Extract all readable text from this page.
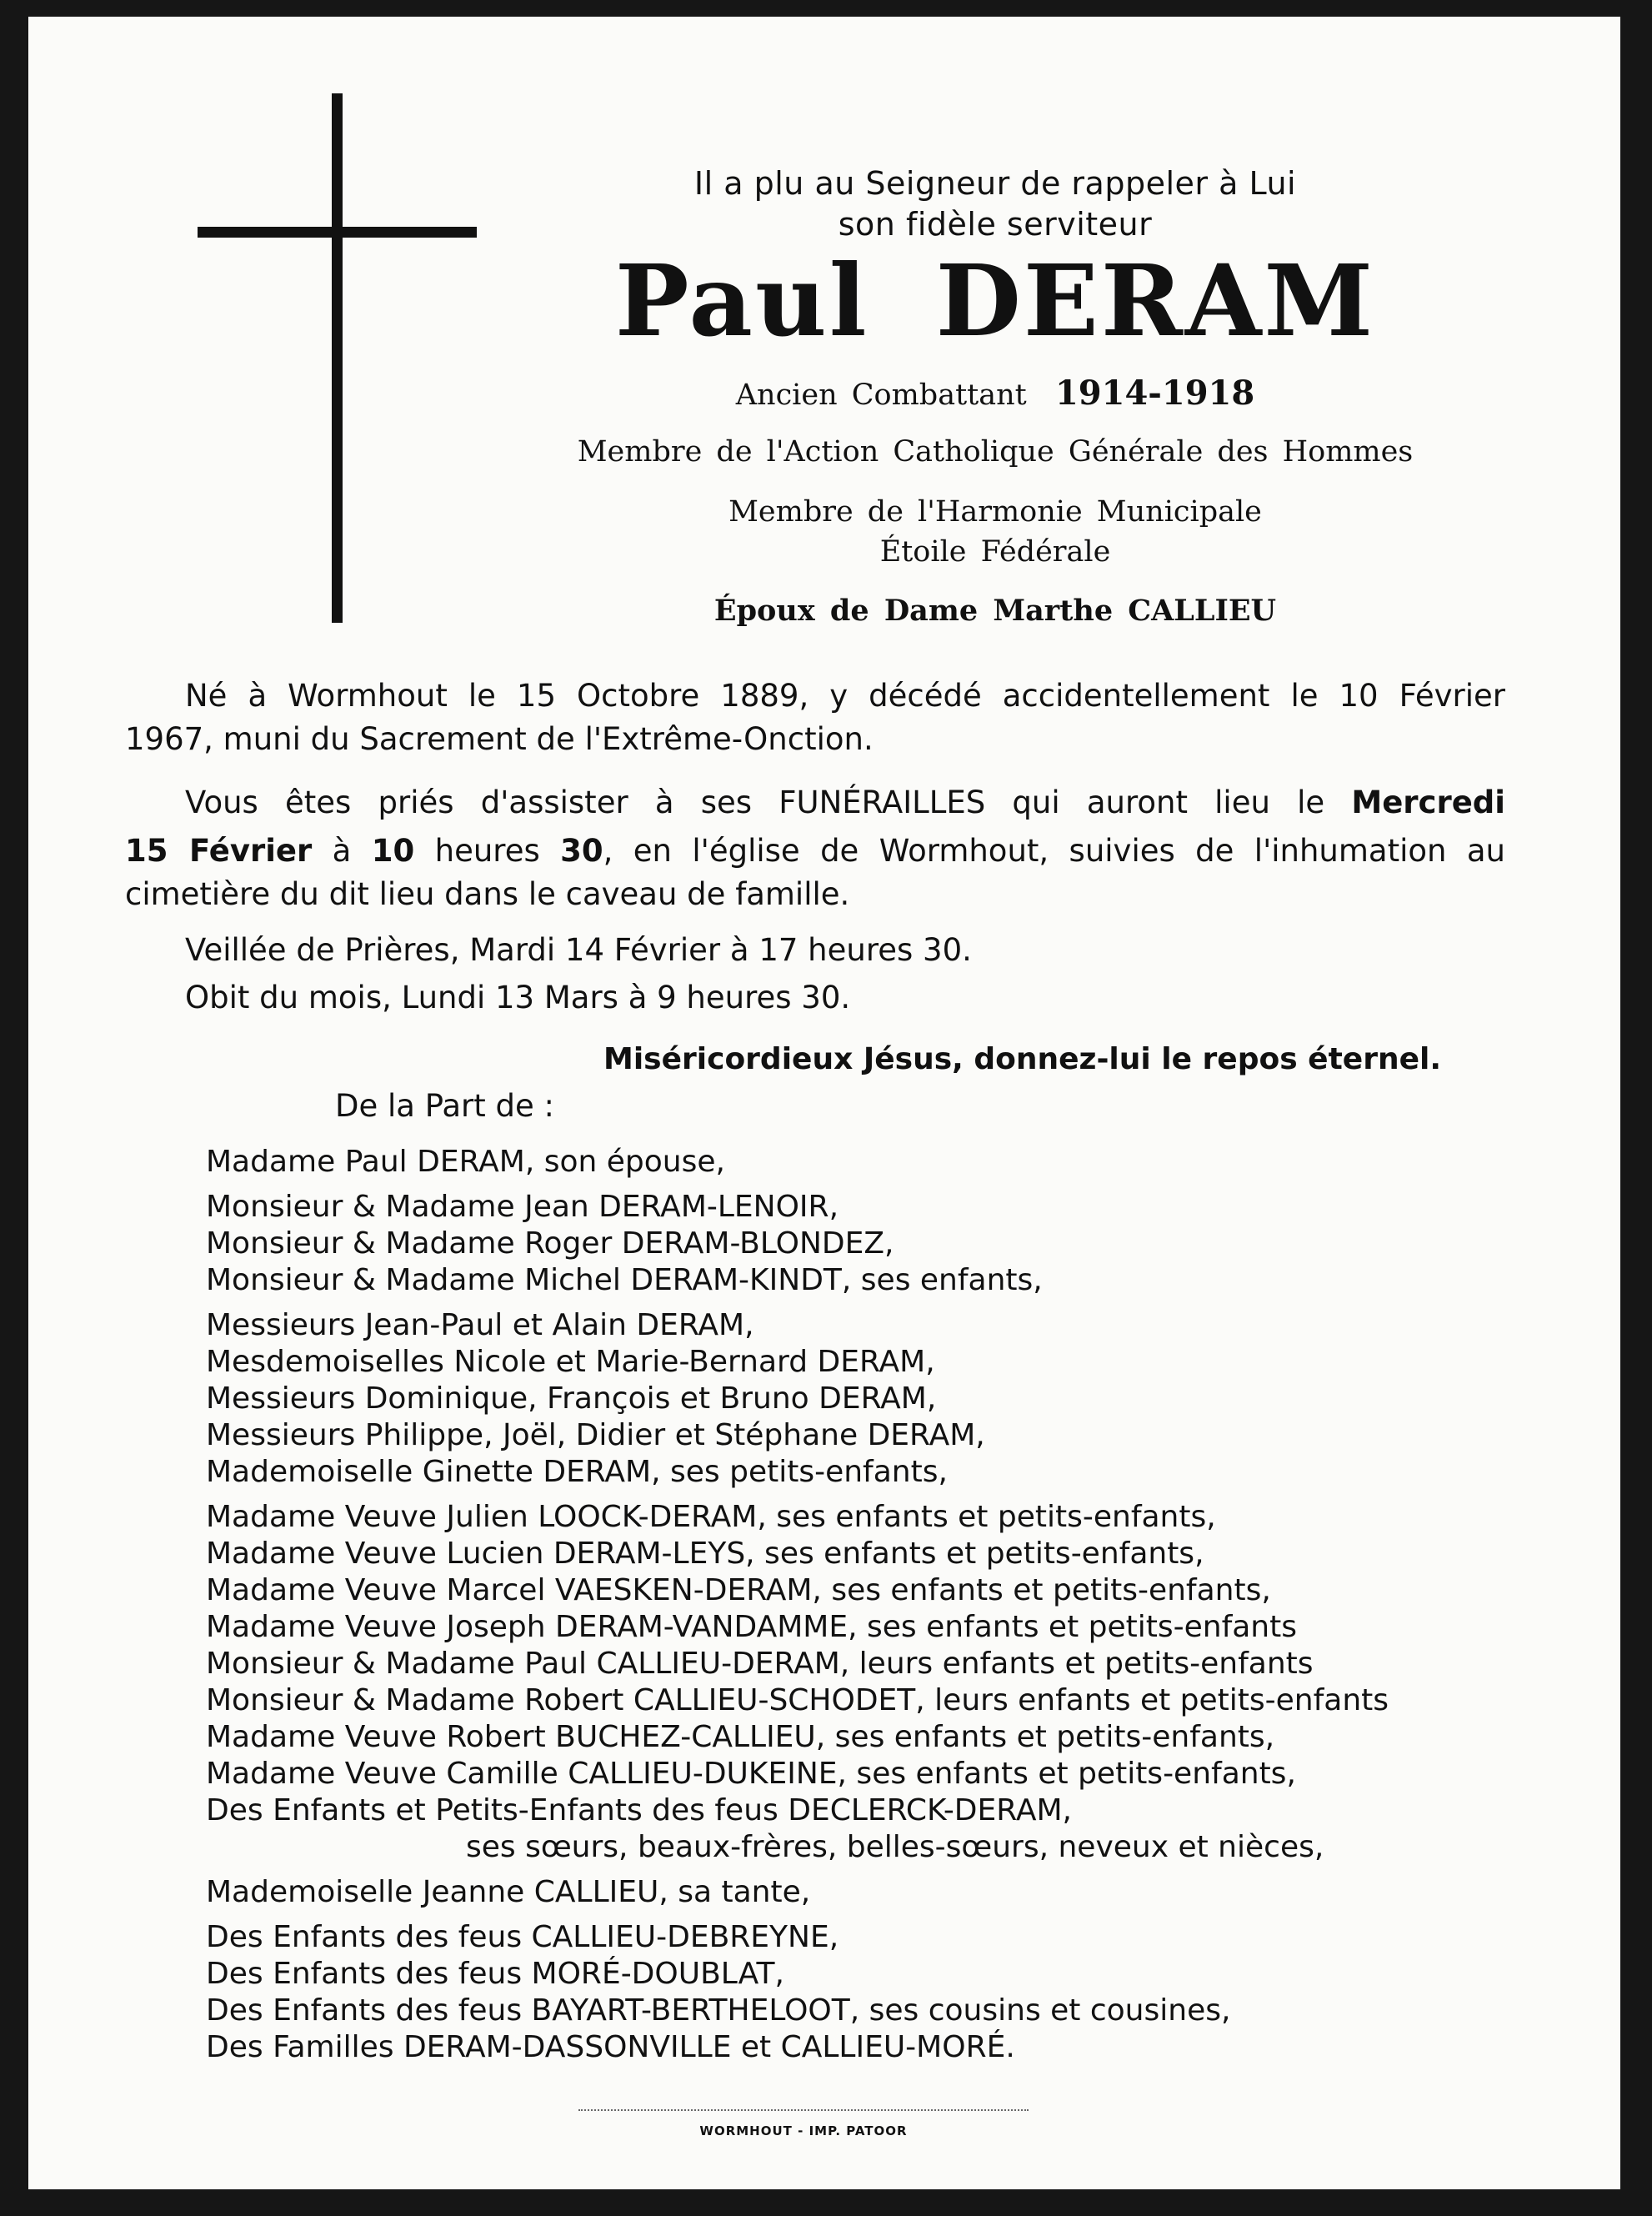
Il a plu au Seigneur de rappeler à Lui
son fidèle serviteur
Paul DERAM
Ancien Combattant 1914-1918
Membre de l'Action Catholique Générale des Hommes
Membre de l'Harmonie Municipale
Étoile Fédérale
Époux de Dame Marthe CALLIEU
Né à Wormhout le 15 Octobre 1889, y décédé accidentellement le 10 Février
1967, muni du Sacrement de l'Extrême-Onction.
Vous êtes priés d'assister à ses FUNÉRAILLES qui auront lieu le Mercredi
15 Février à 10 heures 30, en l'église de Wormhout, suivies de l'inhumation au
cimetière du dit lieu dans le caveau de famille.
Veillée de Prières, Mardi 14 Février à 17 heures 30.
Obit du mois, Lundi 13 Mars à 9 heures 30.
Miséricordieux Jésus, donnez-lui le repos éternel.
De la Part de :
Madame Paul DERAM, son épouse,
Monsieur & Madame Jean DERAM-LENOIR,
Monsieur & Madame Roger DERAM-BLONDEZ,
Monsieur & Madame Michel DERAM-KINDT, ses enfants,
Messieurs Jean-Paul et Alain DERAM,
Mesdemoiselles Nicole et Marie-Bernard DERAM,
Messieurs Dominique, François et Bruno DERAM,
Messieurs Philippe, Joël, Didier et Stéphane DERAM,
Mademoiselle Ginette DERAM, ses petits-enfants,
Madame Veuve Julien LOOCK-DERAM, ses enfants et petits-enfants,
Madame Veuve Lucien DERAM-LEYS, ses enfants et petits-enfants,
Madame Veuve Marcel VAESKEN-DERAM, ses enfants et petits-enfants,
Madame Veuve Joseph DERAM-VANDAMME, ses enfants et petits-enfants
Monsieur & Madame Paul CALLIEU-DERAM, leurs enfants et petits-enfants
Monsieur & Madame Robert CALLIEU-SCHODET, leurs enfants et petits-enfants
Madame Veuve Robert BUCHEZ-CALLIEU, ses enfants et petits-enfants,
Madame Veuve Camille CALLIEU-DUKEINE, ses enfants et petits-enfants,
Des Enfants et Petits-Enfants des feus DECLERCK-DERAM,
ses sœurs, beaux-frères, belles-sœurs, neveux et nièces,
Mademoiselle Jeanne CALLIEU, sa tante,
Des Enfants des feus CALLIEU-DEBREYNE,
Des Enfants des feus MORÉ-DOUBLAT,
Des Enfants des feus BAYART-BERTHELOOT, ses cousins et cousines,
Des Familles DERAM-DASSONVILLE et CALLIEU-MORÉ.
WORMHOUT - IMP. PATOOR
